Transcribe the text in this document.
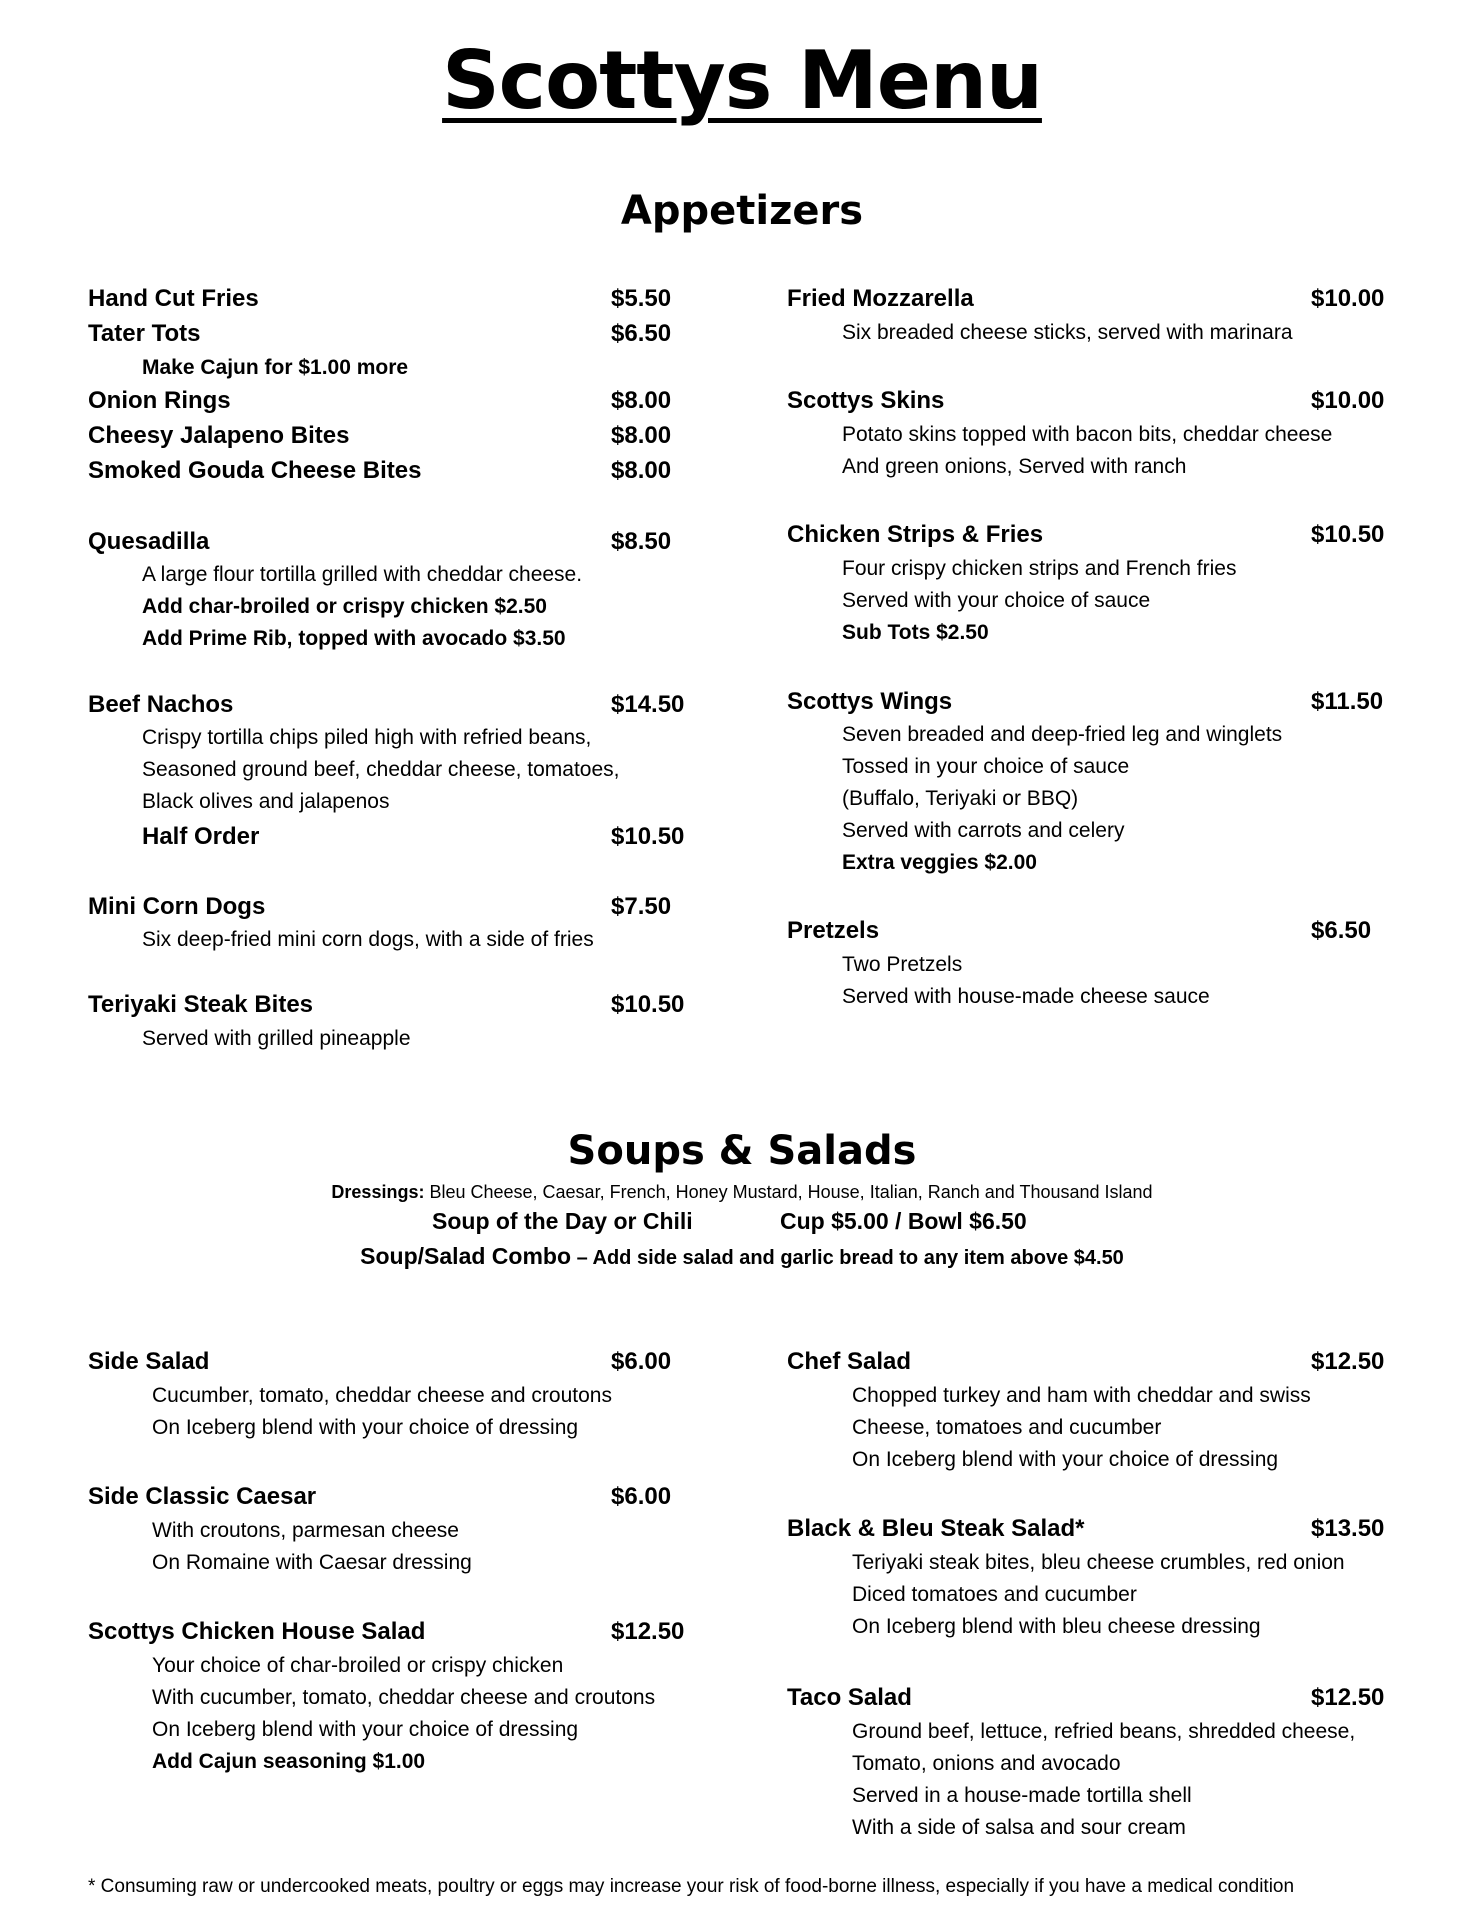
Scottys Menu
Appetizers
Hand Cut Fries	$5.50
Tater Tots	$6.50
Make Cajun for $1.00 more
Onion Rings	$8.00
Cheesy Jalapeno Bites	$8.00
Smoked Gouda Cheese Bites	$8.00
Quesadilla	$8.50
A large flour tortilla grilled with cheddar cheese.
Add char-broiled or crispy chicken $2.50
Add Prime Rib, topped with avocado $3.50
Beef Nachos	$14.50
Crispy tortilla chips piled high with refried beans,
Seasoned ground beef, cheddar cheese, tomatoes,
Black olives and jalapenos
Half Order	$10.50
Mini Corn Dogs	$7.50
Six deep-fried mini corn dogs, with a side of fries
Teriyaki Steak Bites	$10.50
Served with grilled pineapple
Fried Mozzarella	$10.00
Six breaded cheese sticks, served with marinara
Scottys Skins	$10.00
Potato skins topped with bacon bits, cheddar cheese
And green onions, Served with ranch
Chicken Strips & Fries	$10.50
Four crispy chicken strips and French fries
Served with your choice of sauce
Sub Tots $2.50
Scottys Wings	$11.50
Seven breaded and deep-fried leg and winglets
Tossed in your choice of sauce
(Buffalo, Teriyaki or BBQ)
Served with carrots and celery
Extra veggies $2.00
Pretzels	$6.50
Two Pretzels
Served with house-made cheese sauce
Soups & Salads
Dressings: Bleu Cheese, Caesar, French, Honey Mustard, House, Italian, Ranch and Thousand Island
Soup of the Day or Chili	Cup $5.00 / Bowl $6.50
Soup/Salad Combo – Add side salad and garlic bread to any item above $4.50
Side Salad	$6.00
Cucumber, tomato, cheddar cheese and croutons
On Iceberg blend with your choice of dressing
Side Classic Caesar	$6.00
With croutons, parmesan cheese
On Romaine with Caesar dressing
Scottys Chicken House Salad	$12.50
Your choice of char-broiled or crispy chicken
With cucumber, tomato, cheddar cheese and croutons
On Iceberg blend with your choice of dressing
Add Cajun seasoning $1.00
Chef Salad	$12.50
Chopped turkey and ham with cheddar and swiss
Cheese, tomatoes and cucumber
On Iceberg blend with your choice of dressing
Black & Bleu Steak Salad*	$13.50
Teriyaki steak bites, bleu cheese crumbles, red onion
Diced tomatoes and cucumber
On Iceberg blend with bleu cheese dressing
Taco Salad	$12.50
Ground beef, lettuce, refried beans, shredded cheese,
Tomato, onions and avocado
Served in a house-made tortilla shell
With a side of salsa and sour cream
* Consuming raw or undercooked meats, poultry or eggs may increase your risk of food-borne illness, especially if you have a medical condition
